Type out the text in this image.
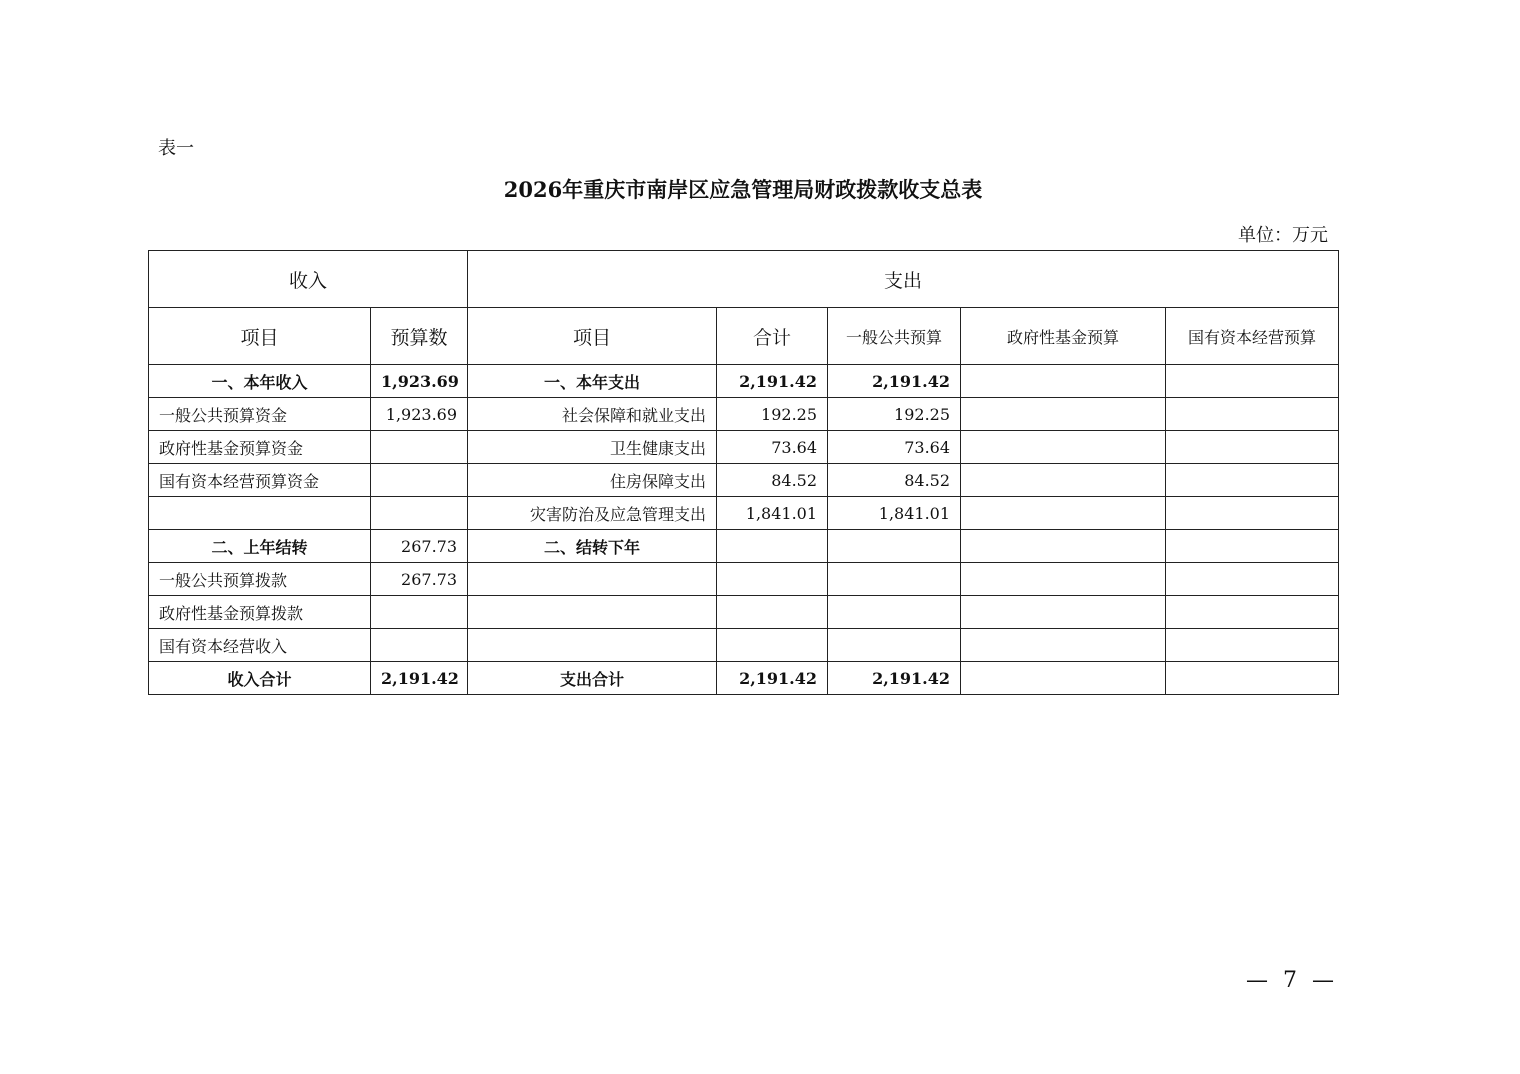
表一
2026年重庆市南岸区应急管理局财政拨款收支总表
单位：万元
收入		支出				
项目	预算数	项目	合计	一般公共预算	政府性基金预算	国有资本经营预算
一、本年收入	1,923.69	一、本年支出	2,191.42	2,191.42		
一般公共预算资金	1,923.69	社会保障和就业支出	192.25	192.25		
政府性基金预算资金		卫生健康支出	73.64	73.64		
国有资本经营预算资金		住房保障支出	84.52	84.52		
		灾害防治及应急管理支出	1,841.01	1,841.01		
二、上年结转	267.73	二、结转下年				
一般公共预算拨款	267.73					
政府性基金预算拨款						
国有资本经营收入						
收入合计	2,191.42	支出合计	2,191.42	2,191.42		
— 7 —
